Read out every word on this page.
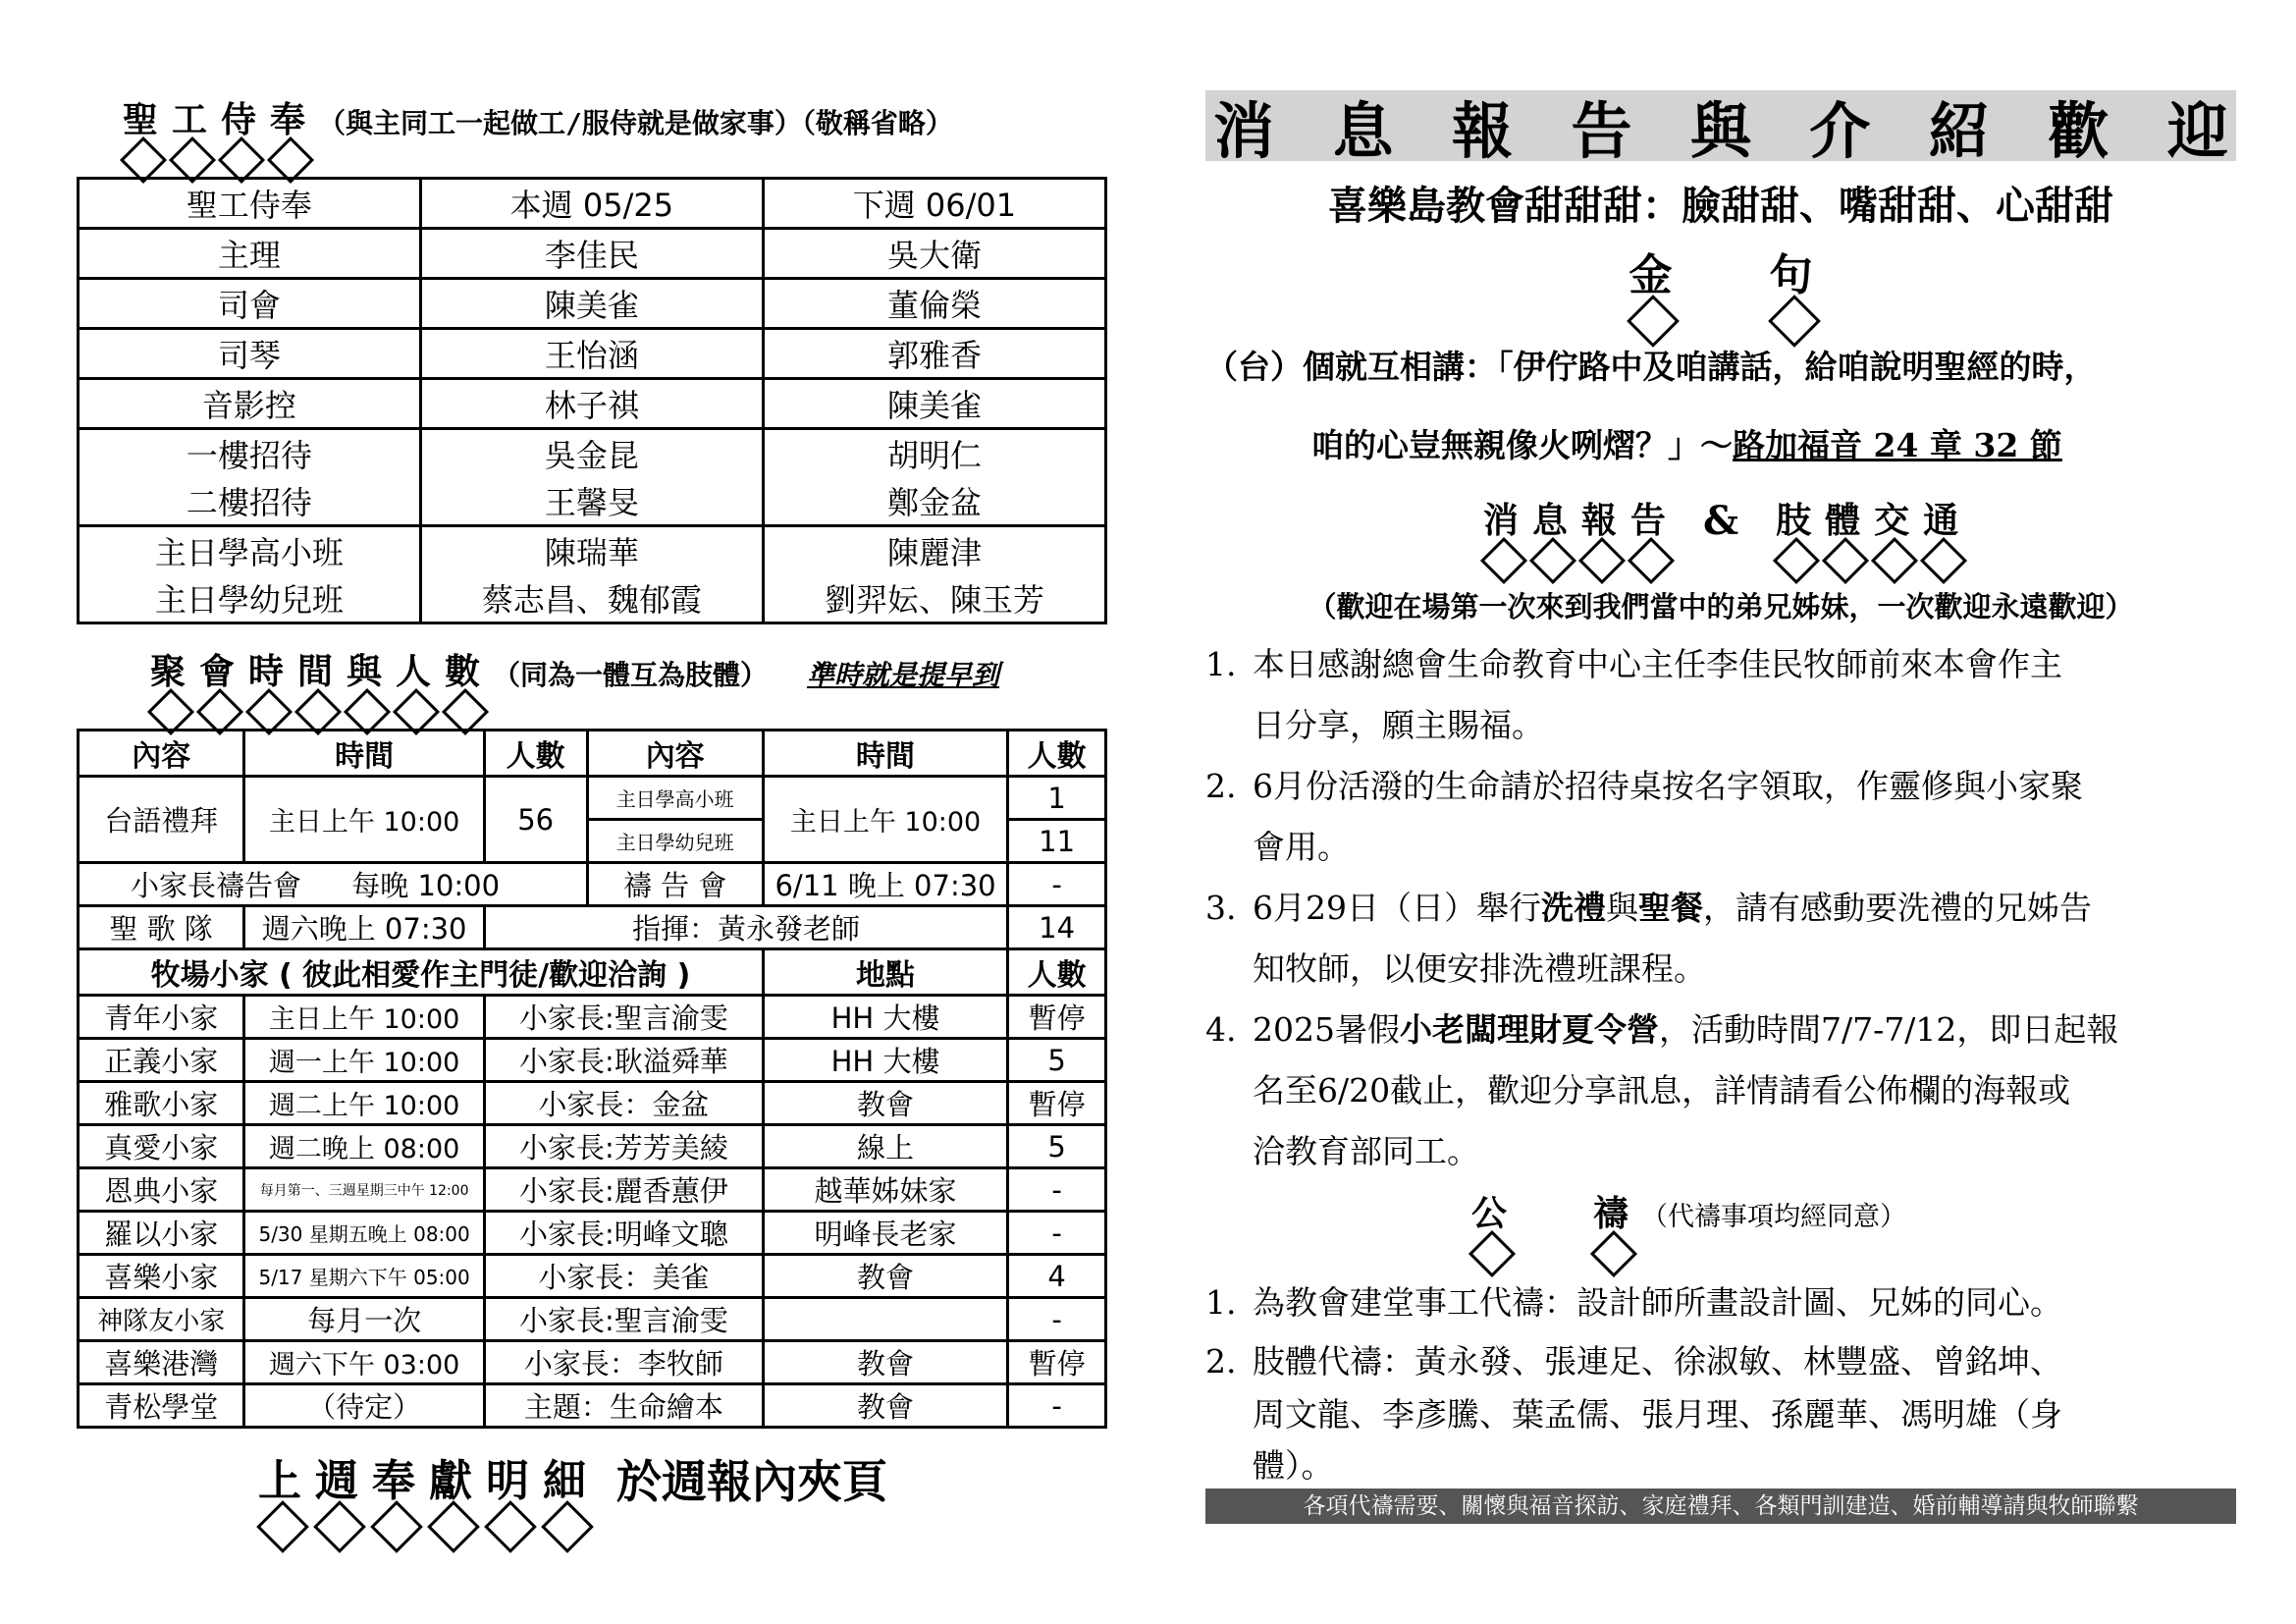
聖 工 侍 奉 （與主同工一起做工/服侍就是做家事）（敬稱省略）
聖工侍奉	本週 05/25	下週 06/01
主理	李佳民	吳大衛
司會	陳美雀	董倫榮
司琴	王怡涵	郭雅香
音影控	林子祺	陳美雀
一樓招待	吳金昆	胡明仁
二樓招待	王馨旻	鄭金盆
主日學高小班	陳瑞華	陳麗津
主日學幼兒班	蔡志昌、魏郁霞	劉羿妘、陳玉芳
聚 會 時 間 與 人 數 （同為一體互為肢體） 準時就是提早到
內容	時間	人數	內容	時間	人數
台語禮拜	主日上午 10:00	56	主日學高小班	主日上午 10:00	1
			主日學幼兒班		11
小家長禱告會 每晚 10:00			禱 告 會	6/11 晚上 07:30	-
聖 歌 隊	週六晚上 07:30	指揮：黃永發老師			14
牧場小家 ( 彼此相愛作主門徒/歡迎洽詢 )				地點	人數
青年小家	主日上午 10:00	小家長:聖言渝雯		HH 大樓	暫停
正義小家	週一上午 10:00	小家長:耿溢舜華		HH 大樓	5
雅歌小家	週二上午 10:00	小家長：金盆		教會	暫停
真愛小家	週二晚上 08:00	小家長:芳芳美綾		線上	5
恩典小家	每月第一、三週星期三中午 12:00	小家長:麗香蕙伊		越華姊妹家	-
羅以小家	5/30 星期五晚上 08:00	小家長:明峰文聰		明峰長老家	-
喜樂小家	5/17 星期六下午 05:00	小家長：美雀		教會	4
神隊友小家	每月一次	小家長:聖言渝雯			-
喜樂港灣	週六下午 03:00	小家長：李牧師		教會	暫停
青松學堂	（待定）	主題：生命繪本		教會	-
上 週 奉 獻 明 細 於週報內夾頁
消 息 報 告 與 介 紹 歡 迎
喜樂島教會甜甜甜：臉甜甜、嘴甜甜、心甜甜
金 句
（台）個就互相講：「伊佇路中及咱講話，給咱說明聖經的時，
咱的心豈無親像火咧熠？」～路加福音 24 章 32 節
消 息 報 告 & 肢 體 交 通
（歡迎在場第一次來到我們當中的弟兄姊妹，一次歡迎永遠歡迎）
1. 本日感謝總會生命教育中心主任李佳民牧師前來本會作主
日分享，願主賜福。
2. 6月份活潑的生命請於招待桌按名字領取，作靈修與小家聚
會用。
3. 6月29日（日）舉行洗禮與聖餐，請有感動要洗禮的兄姊告
知牧師，以便安排洗禮班課程。
4. 2025暑假小老闆理財夏令營，活動時間7/7-7/12，即日起報
名至6/20截止，歡迎分享訊息，詳情請看公佈欄的海報或
洽教育部同工。
公 禱 （代禱事項均經同意）
1. 為教會建堂事工代禱：設計師所畫設計圖、兄姊的同心。
2. 肢體代禱：黃永發、張連足、徐淑敏、林豐盛、曾銘坤、
周文龍、李彥騰、葉孟儒、張月理、孫麗華、馮明雄（身
體）。
各項代禱需要、關懷與福音探訪、家庭禮拜、各類門訓建造、婚前輔導請與牧師聯繫
